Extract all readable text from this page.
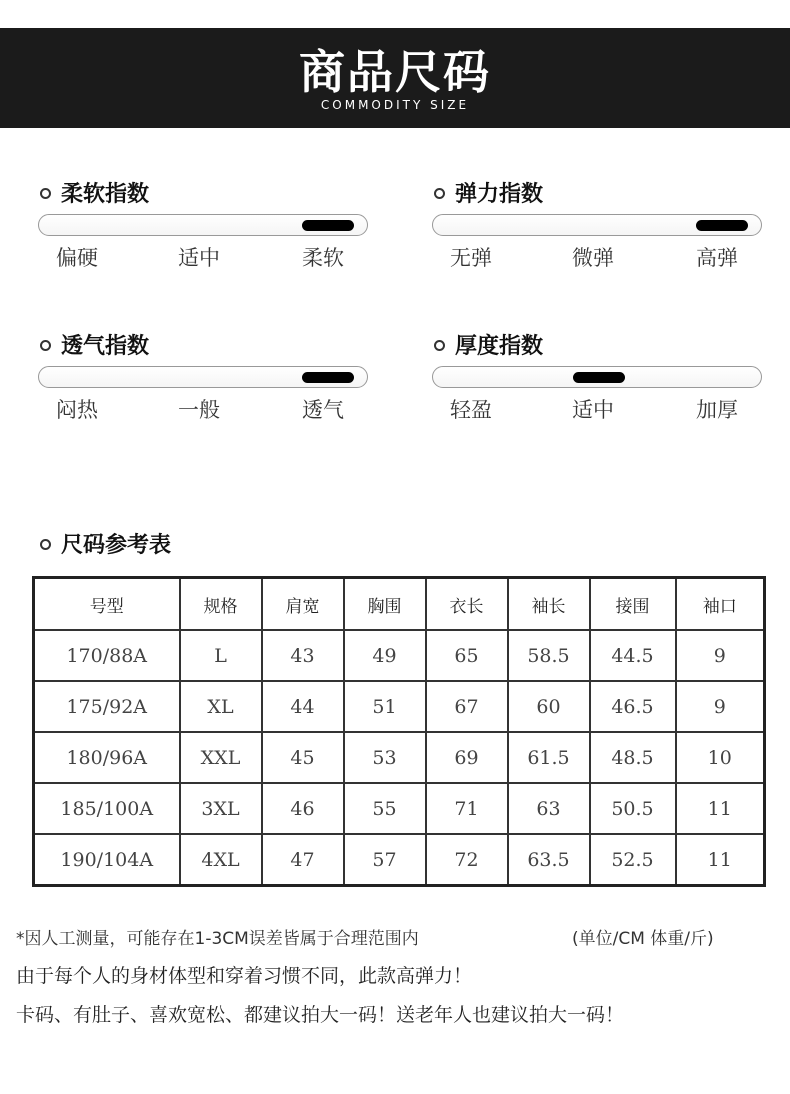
商品尺码
COMMODITY SIZE
柔软指数
偏硬	适中	柔软
弹力指数
无弹	微弹	高弹
透气指数
闷热	一般	透气
厚度指数
轻盈	适中	加厚
尺码参考表
号型	规格	肩宽	胸围	衣长	袖长	接围	袖口
170/88A	L	43	49	65	58.5	44.5	9
175/92A	XL	44	51	67	60	46.5	9
180/96A	XXL	45	53	69	61.5	48.5	10
185/100A	3XL	46	55	71	63	50.5	11
190/104A	4XL	47	57	72	63.5	52.5	11
*因人工测量，可能存在1-3CM误差皆属于合理范围内	(单位/CM 体重/斤)
由于每个人的身材体型和穿着习惯不同，此款高弹力！
卡码、有肚子、喜欢宽松、都建议拍大一码！送老年人也建议拍大一码！
